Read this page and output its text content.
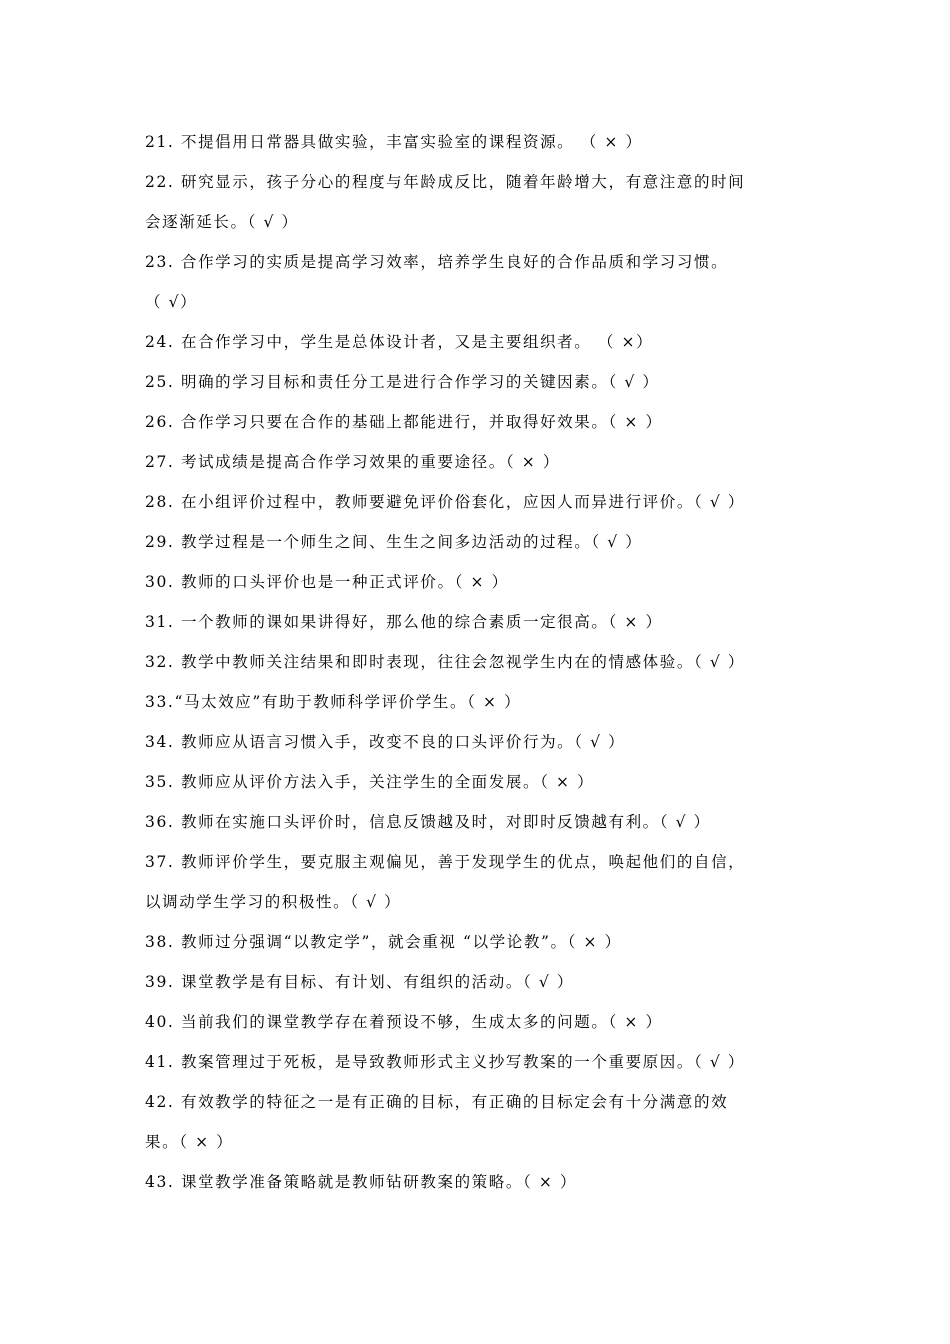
21. 不提倡用日常器具做实验，丰富实验室的课程资源。 （ × ）
22. 研究显示，孩子分心的程度与年龄成反比，随着年龄增大，有意注意的时间
会逐渐延长。（ √ ）
23. 合作学习的实质是提高学习效率，培养学生良好的合作品质和学习习惯。
（ √）
24. 在合作学习中，学生是总体设计者，又是主要组织者。 （ ×）
25. 明确的学习目标和责任分工是进行合作学习的关键因素。（ √ ）
26. 合作学习只要在合作的基础上都能进行，并取得好效果。（ × ）
27. 考试成绩是提高合作学习效果的重要途径。（ × ）
28. 在小组评价过程中，教师要避免评价俗套化，应因人而异进行评价。（ √ ）
29. 教学过程是一个师生之间、生生之间多边活动的过程。（ √ ）
30. 教师的口头评价也是一种正式评价。（ × ）
31. 一个教师的课如果讲得好，那么他的综合素质一定很高。（ × ）
32. 教学中教师关注结果和即时表现，往往会忽视学生内在的情感体验。（ √ ）
33.“马太效应”有助于教师科学评价学生。（ × ）
34. 教师应从语言习惯入手，改变不良的口头评价行为。（ √ ）
35. 教师应从评价方法入手，关注学生的全面发展。（ × ）
36. 教师在实施口头评价时，信息反馈越及时，对即时反馈越有利。（ √ ）
37. 教师评价学生，要克服主观偏见，善于发现学生的优点，唤起他们的自信，
以调动学生学习的积极性。（ √ ）
38. 教师过分强调“以教定学”，就会重视 “以学论教”。（ × ）
39. 课堂教学是有目标、有计划、有组织的活动。（ √ ）
40. 当前我们的课堂教学存在着预设不够，生成太多的问题。（ × ）
41. 教案管理过于死板，是导致教师形式主义抄写教案的一个重要原因。（ √ ）
42. 有效教学的特征之一是有正确的目标，有正确的目标定会有十分满意的效
果。（ × ）
43. 课堂教学准备策略就是教师钻研教案的策略。（ × ）
